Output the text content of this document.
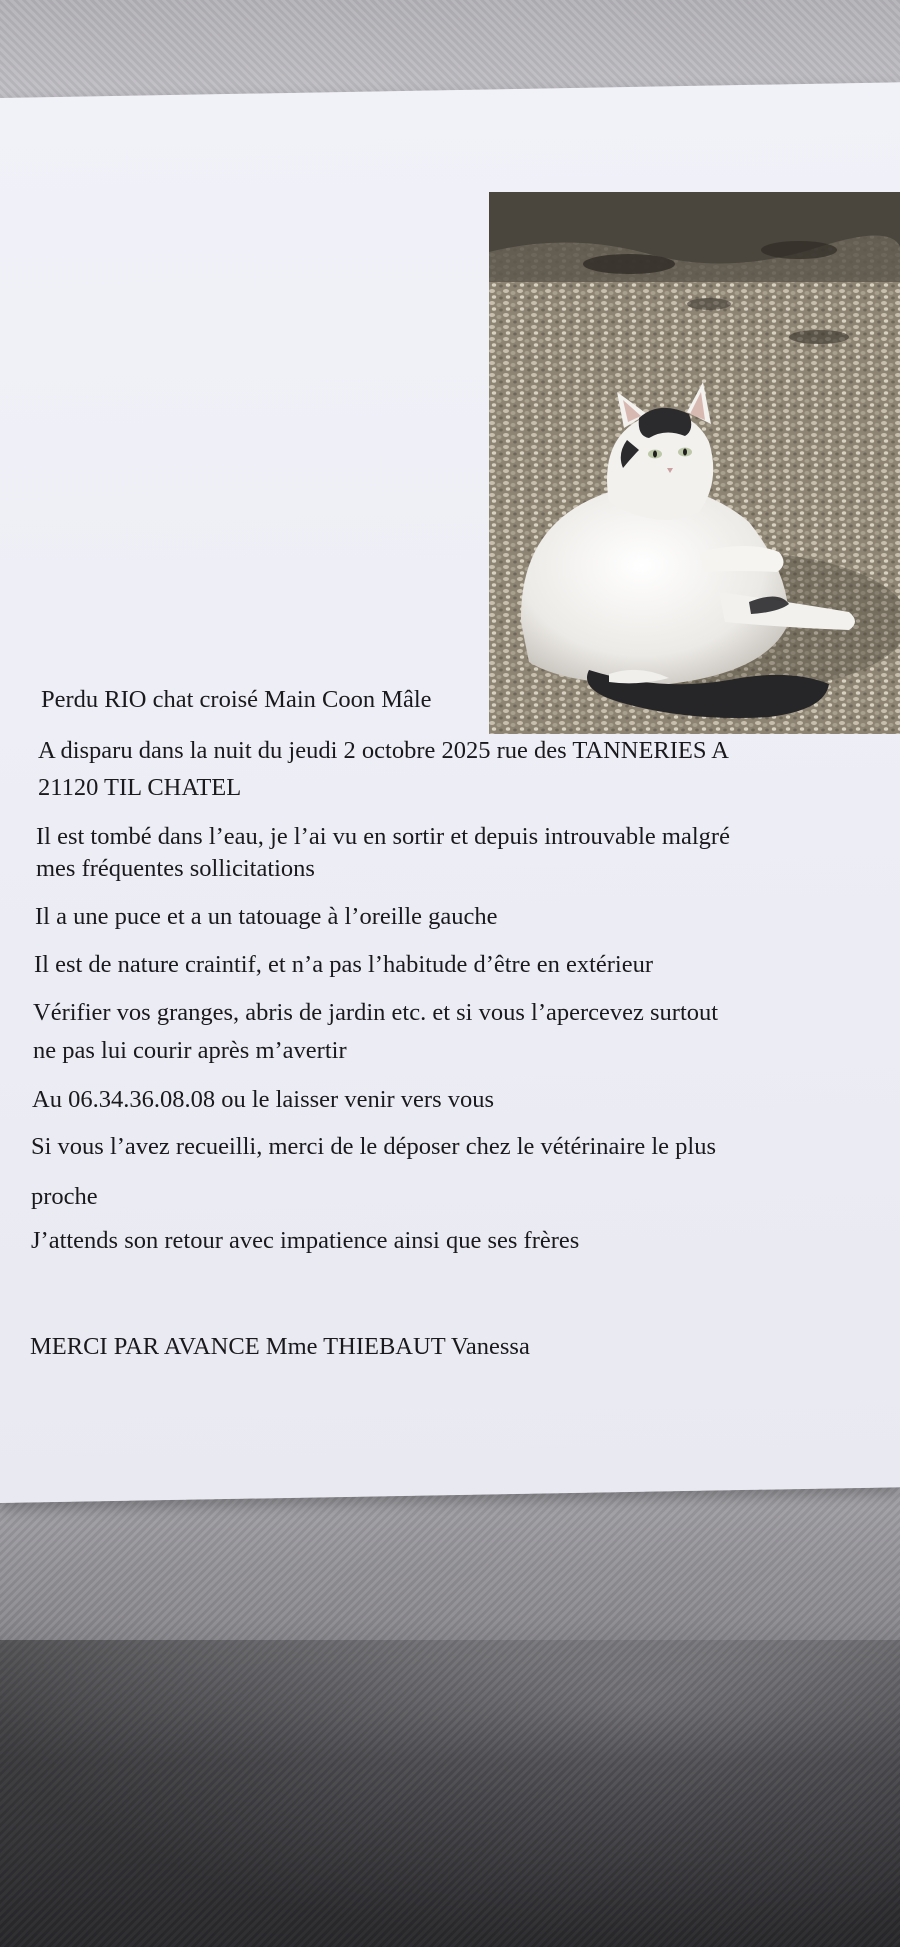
Perdu RIO chat croisé Main Coon Mâle
A disparu dans la nuit du jeudi 2 octobre 2025 rue des TANNERIES A
21120 TIL CHATEL
Il est tombé dans l’eau, je l’ai vu en sortir et depuis introuvable malgré
mes fréquentes sollicitations
Il a une puce et a un tatouage à l’oreille gauche
Il est de nature craintif, et n’a pas l’habitude d’être en extérieur
Vérifier vos granges, abris de jardin etc. et si vous l’apercevez surtout
ne pas lui courir après m’avertir
Au 06.34.36.08.08 ou le laisser venir vers vous
Si vous l’avez recueilli, merci de le déposer chez le vétérinaire le plus
proche
J’attends son retour avec impatience ainsi que ses frères
MERCI PAR AVANCE Mme THIEBAUT Vanessa
